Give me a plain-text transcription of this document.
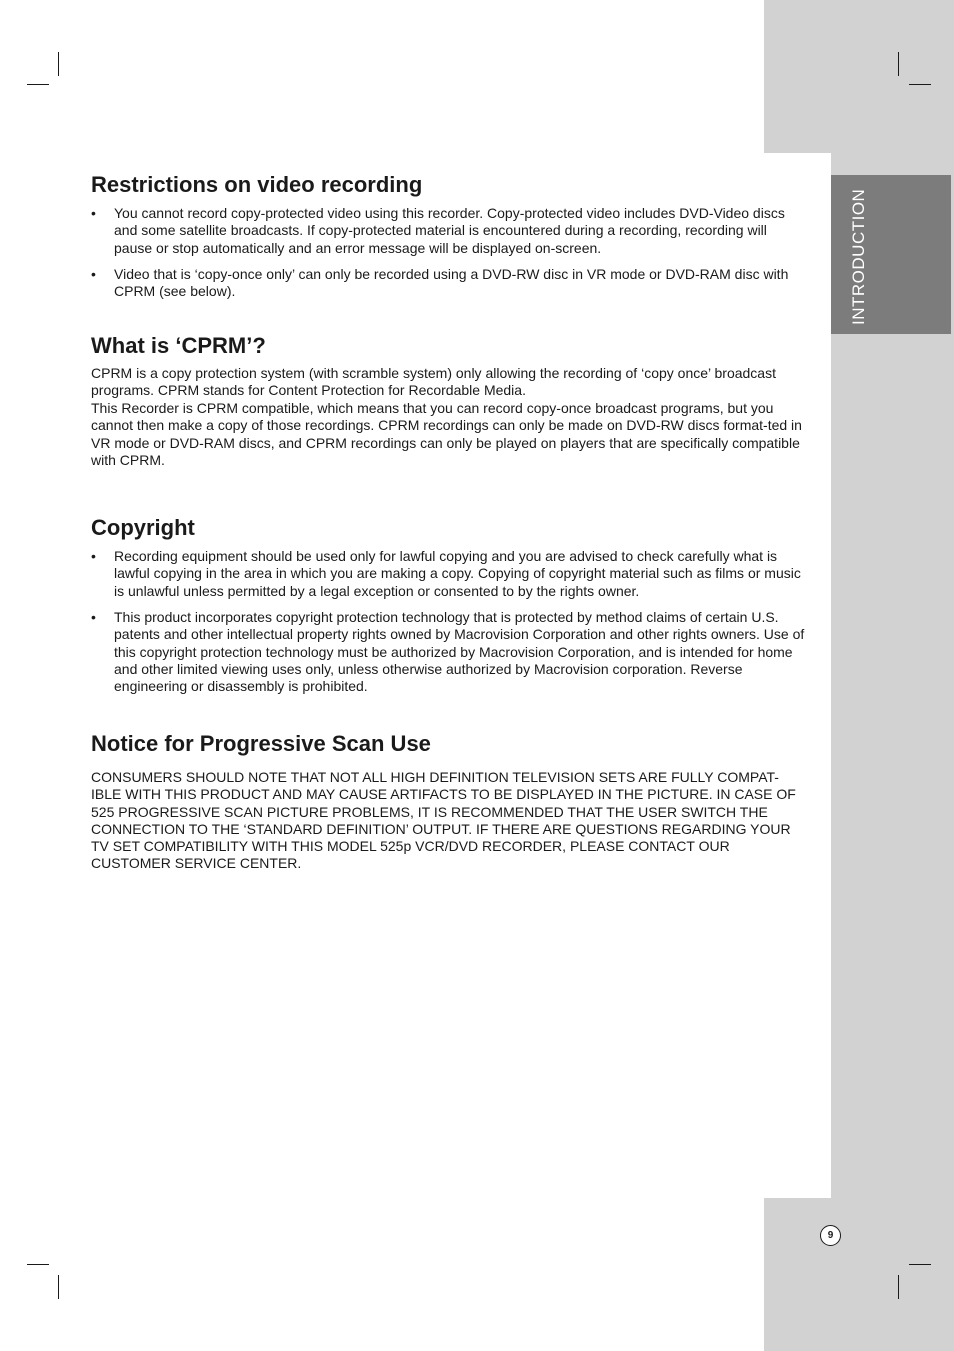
INTRODUCTION
Restrictions on video recording
• You cannot record copy-protected video using this recorder. Copy-protected video includes DVD-Video discs and some satellite broadcasts. If copy-protected material is encountered during a recording, recording will pause or stop automatically and an error message will be displayed on-screen.
• Video that is ‘copy-once only’ can only be recorded using a DVD-RW disc in VR mode or DVD-RAM disc with CPRM (see below).
What is ‘CPRM’?
CPRM is a copy protection system (with scramble system) only allowing the recording of ‘copy once’ broadcast programs. CPRM stands for Content Protection for Recordable Media.
This Recorder is CPRM compatible, which means that you can record copy-once broadcast programs, but you cannot then make a copy of those recordings. CPRM recordings can only be made on DVD-RW discs format-ted in VR mode or DVD-RAM discs, and CPRM recordings can only be played on players that are specifically compatible with CPRM.
Copyright
• Recording equipment should be used only for lawful copying and you are advised to check carefully what is lawful copying in the area in which you are making a copy. Copying of copyright material such as films or music is unlawful unless permitted by a legal exception or consented to by the rights owner.
• This product incorporates copyright protection technology that is protected by method claims of certain U.S. patents and other intellectual property rights owned by Macrovision Corporation and other rights owners. Use of this copyright protection technology must be authorized by Macrovision Corporation, and is intended for home and other limited viewing uses only, unless otherwise authorized by Macrovision corporation. Reverse engineering or disassembly is prohibited.
Notice for Progressive Scan Use
CONSUMERS SHOULD NOTE THAT NOT ALL HIGH DEFINITION TELEVISION SETS ARE FULLY COMPAT-IBLE WITH THIS PRODUCT AND MAY CAUSE ARTIFACTS TO BE DISPLAYED IN THE PICTURE. IN CASE OF 525 PROGRESSIVE SCAN PICTURE PROBLEMS, IT IS RECOMMENDED THAT THE USER SWITCH THE CONNECTION TO THE ‘STANDARD DEFINITION’ OUTPUT. IF THERE ARE QUESTIONS REGARDING YOUR TV SET COMPATIBILITY WITH THIS MODEL 525p VCR/DVD RECORDER, PLEASE CONTACT OUR CUSTOMER SERVICE CENTER.
9
